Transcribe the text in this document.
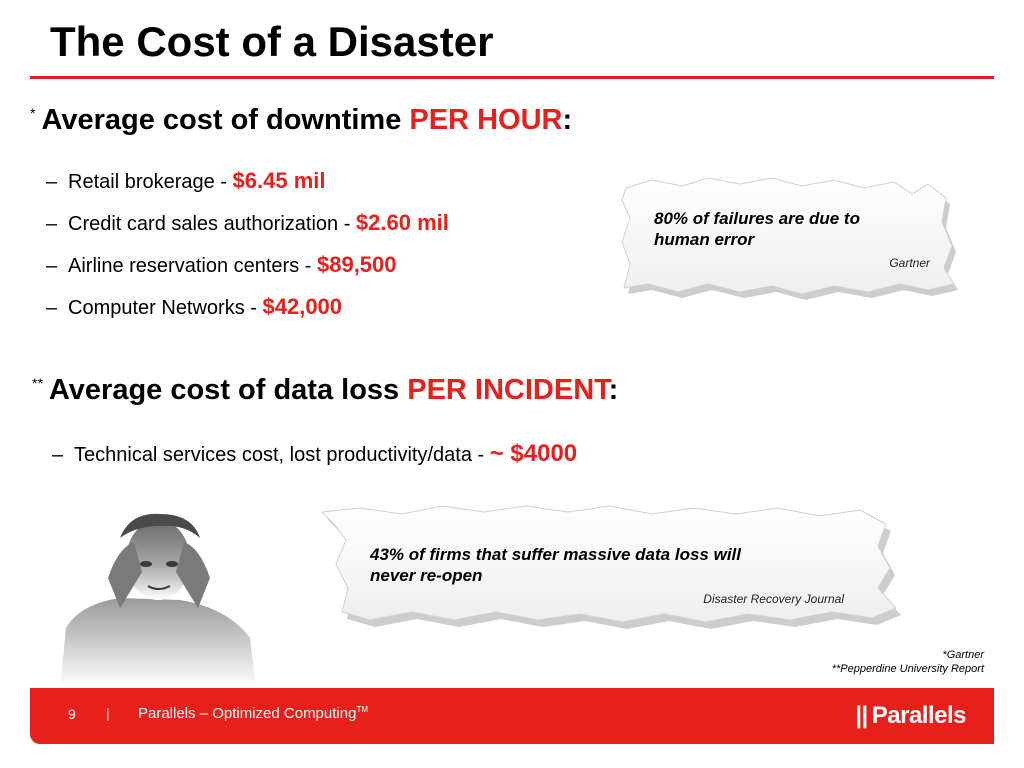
The Cost of a Disaster
* Average cost of downtime PER HOUR:
– Retail brokerage - $6.45 mil
– Credit card sales authorization - $2.60 mil
– Airline reservation centers - $89,500
– Computer Networks - $42,000
80% of failures are due to
human error
Gartner
** Average cost of data loss PER INCIDENT:
– Technical services cost, lost productivity/data - ~ $4000
43% of firms that suffer massive data loss will
never re-open
Disaster Recovery Journal
*Gartner
**Pepperdine University Report
9 | Parallels – Optimized Computing™	|| Parallels
